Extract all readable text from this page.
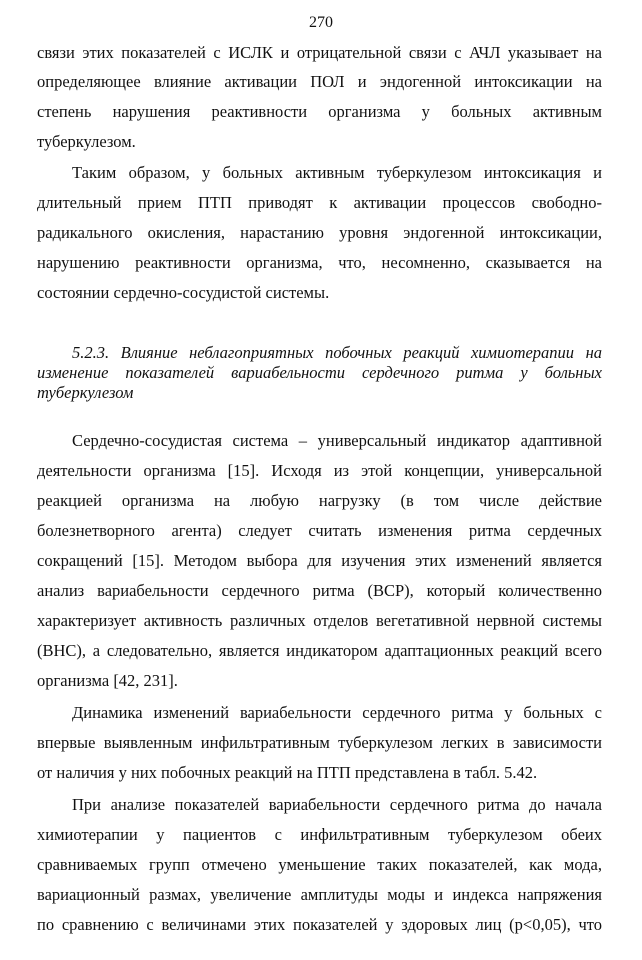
270
связи этих показателей с ИСЛК и отрицательной связи с АЧЛ указывает на
определяющее влияние активации ПОЛ и эндогенной интоксикации на
степень нарушения реактивности организма у больных активным
туберкулезом.
Таким образом, у больных активным туберкулезом интоксикация и
длительный прием ПТП приводят к активации процессов свободно-
радикального окисления, нарастанию уровня эндогенной интоксикации,
нарушению реактивности организма, что, несомненно, сказывается на
состоянии сердечно-сосудистой системы.
5.2.3. Влияние неблагоприятных побочных реакций химиотерапии на
изменение показателей вариабельности сердечного ритма у больных
туберкулезом
Сердечно-сосудистая система – универсальный индикатор адаптивной
деятельности организма [15]. Исходя из этой концепции, универсальной
реакцией организма на любую нагрузку (в том числе действие
болезнетворного агента) следует считать изменения ритма сердечных
сокращений [15]. Методом выбора для изучения этих изменений является
анализ вариабельности сердечного ритма (ВСР), который количественно
характеризует активность различных отделов вегетативной нервной системы
(ВНС), а следовательно, является индикатором адаптационных реакций всего
организма [42, 231].
Динамика изменений вариабельности сердечного ритма у больных с
впервые выявленным инфильтративным туберкулезом легких в зависимости
от наличия у них побочных реакций на ПТП представлена в табл. 5.42.
При анализе показателей вариабельности сердечного ритма до начала
химиотерапии у пациентов с инфильтративным туберкулезом обеих
сравниваемых групп отмечено уменьшение таких показателей, как мода,
вариационный размах, увеличение амплитуды моды и индекса напряжения
по сравнению с величинами этих показателей у здоровых лиц (р<0,05), что
